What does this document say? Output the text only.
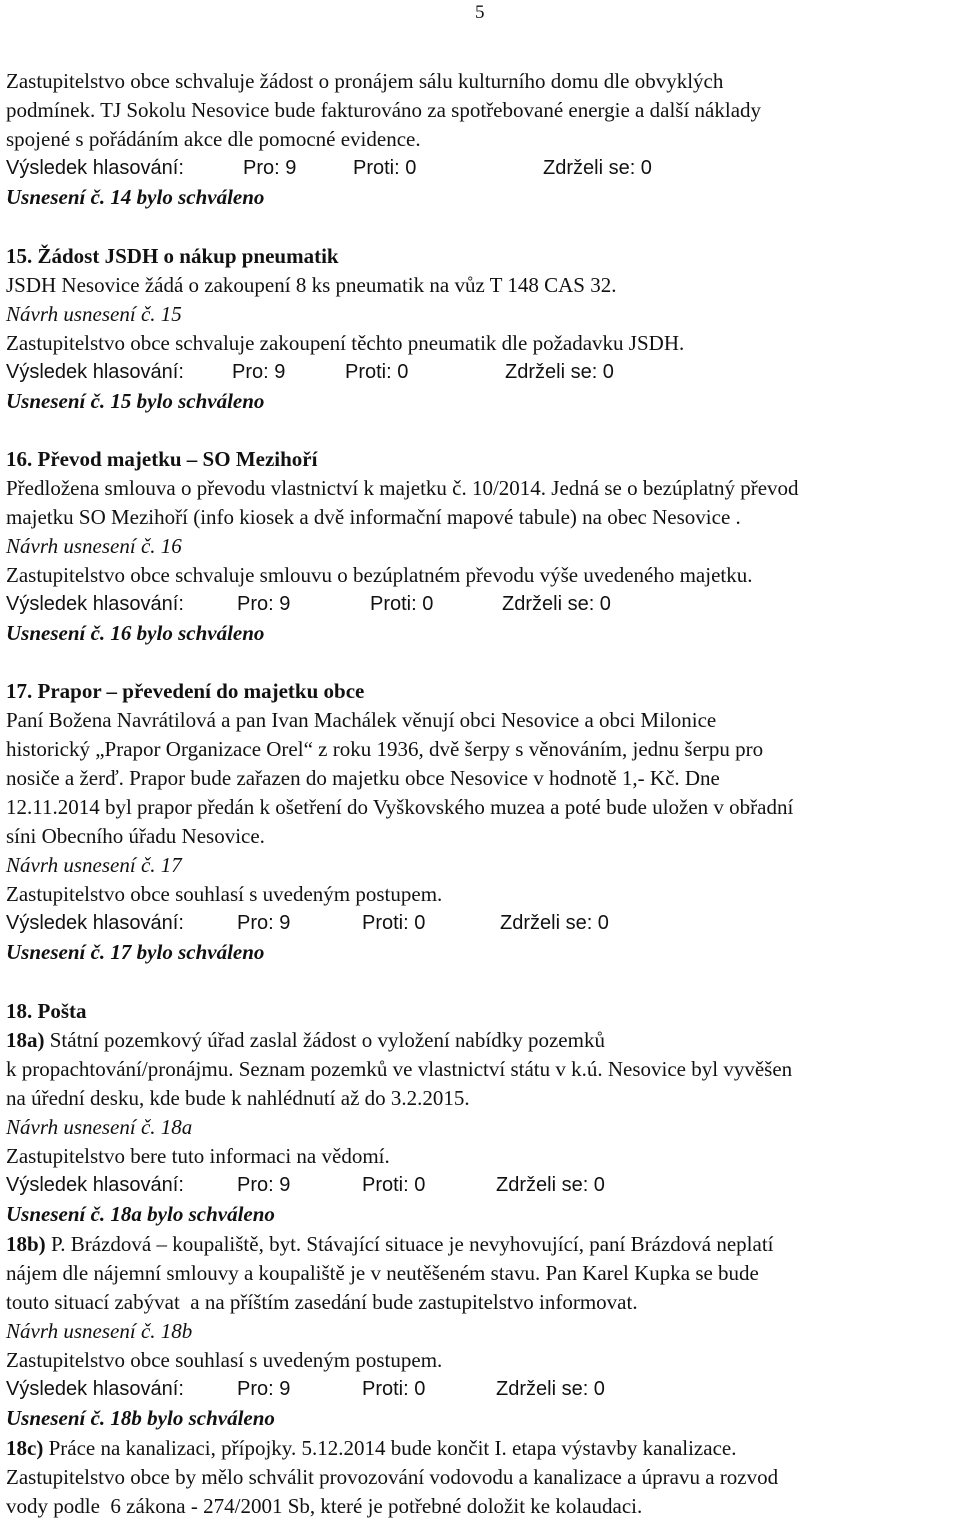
5
Zastupitelstvo obce schvaluje žádost o pronájem sálu kulturního domu dle obvyklých
podmínek. TJ Sokolu Nesovice bude fakturováno za spotřebované energie a další náklady
spojené s pořádáním akce dle pomocné evidence.
Výsledek hlasování:	Pro: 9	Proti: 0	Zdrželi se: 0
Usnesení č. 14 bylo schváleno
15. Žádost JSDH o nákup pneumatik
JSDH Nesovice žádá o zakoupení 8 ks pneumatik na vůz T 148 CAS 32.
Návrh usnesení č. 15
Zastupitelstvo obce schvaluje zakoupení těchto pneumatik dle požadavku JSDH.
Výsledek hlasování: Pro: 9	Proti: 0	Zdrželi se: 0
Usnesení č. 15 bylo schváleno
16. Převod majetku – SO Mezihoří
Předložena smlouva o převodu vlastnictví k majetku č. 10/2014. Jedná se o bezúplatný převod
majetku SO Mezihoří (info kiosek a dvě informační mapové tabule) na obec Nesovice .
Návrh usnesení č. 16
Zastupitelstvo obce schvaluje smlouvu o bezúplatném převodu výše uvedeného majetku.
Výsledek hlasování:	Pro: 9	Proti: 0	Zdrželi se: 0
Usnesení č. 16 bylo schváleno
17. Prapor – převedení do majetku obce
Paní Božena Navrátilová a pan Ivan Machálek věnují obci Nesovice a obci Milonice
historický „Prapor Organizace Orel“ z roku 1936, dvě šerpy s věnováním, jednu šerpu pro
nosiče a žerď. Prapor bude zařazen do majetku obce Nesovice v hodnotě 1,- Kč. Dne
12.11.2014 byl prapor předán k ošetření do Vyškovského muzea a poté bude uložen v obřadní
síni Obecního úřadu Nesovice.
Návrh usnesení č. 17
Zastupitelstvo obce souhlasí s uvedeným postupem.
Výsledek hlasování:	Pro: 9	Proti: 0	Zdrželi se: 0
Usnesení č. 17 bylo schváleno
18. Pošta
18a) Státní pozemkový úřad zaslal žádost o vyložení nabídky pozemků
k propachtování/pronájmu. Seznam pozemků ve vlastnictví státu v k.ú. Nesovice byl vyvěšen
na úřední desku, kde bude k nahlédnutí až do 3.2.2015.
Návrh usnesení č. 18a
Zastupitelstvo bere tuto informaci na vědomí.
Výsledek hlasování:	Pro: 9	Proti: 0	Zdrželi se: 0
Usnesení č. 18a bylo schváleno
18b) P. Brázdová – koupaliště, byt. Stávající situace je nevyhovující, paní Brázdová neplatí
nájem dle nájemní smlouvy a koupaliště je v neutěšeném stavu. Pan Karel Kupka se bude
touto situací zabývat  a na příštím zasedání bude zastupitelstvo informovat.
Návrh usnesení č. 18b
Zastupitelstvo obce souhlasí s uvedeným postupem.
Výsledek hlasování:	Pro: 9	Proti: 0	Zdrželi se: 0
Usnesení č. 18b bylo schváleno
18c) Práce na kanalizaci, přípojky. 5.12.2014 bude končit I. etapa výstavby kanalizace.
Zastupitelstvo obce by mělo schválit provozování vodovodu a kanalizace a úpravu a rozvod
vody podle  6 zákona - 274/2001 Sb, které je potřebné doložit ke kolaudaci.
